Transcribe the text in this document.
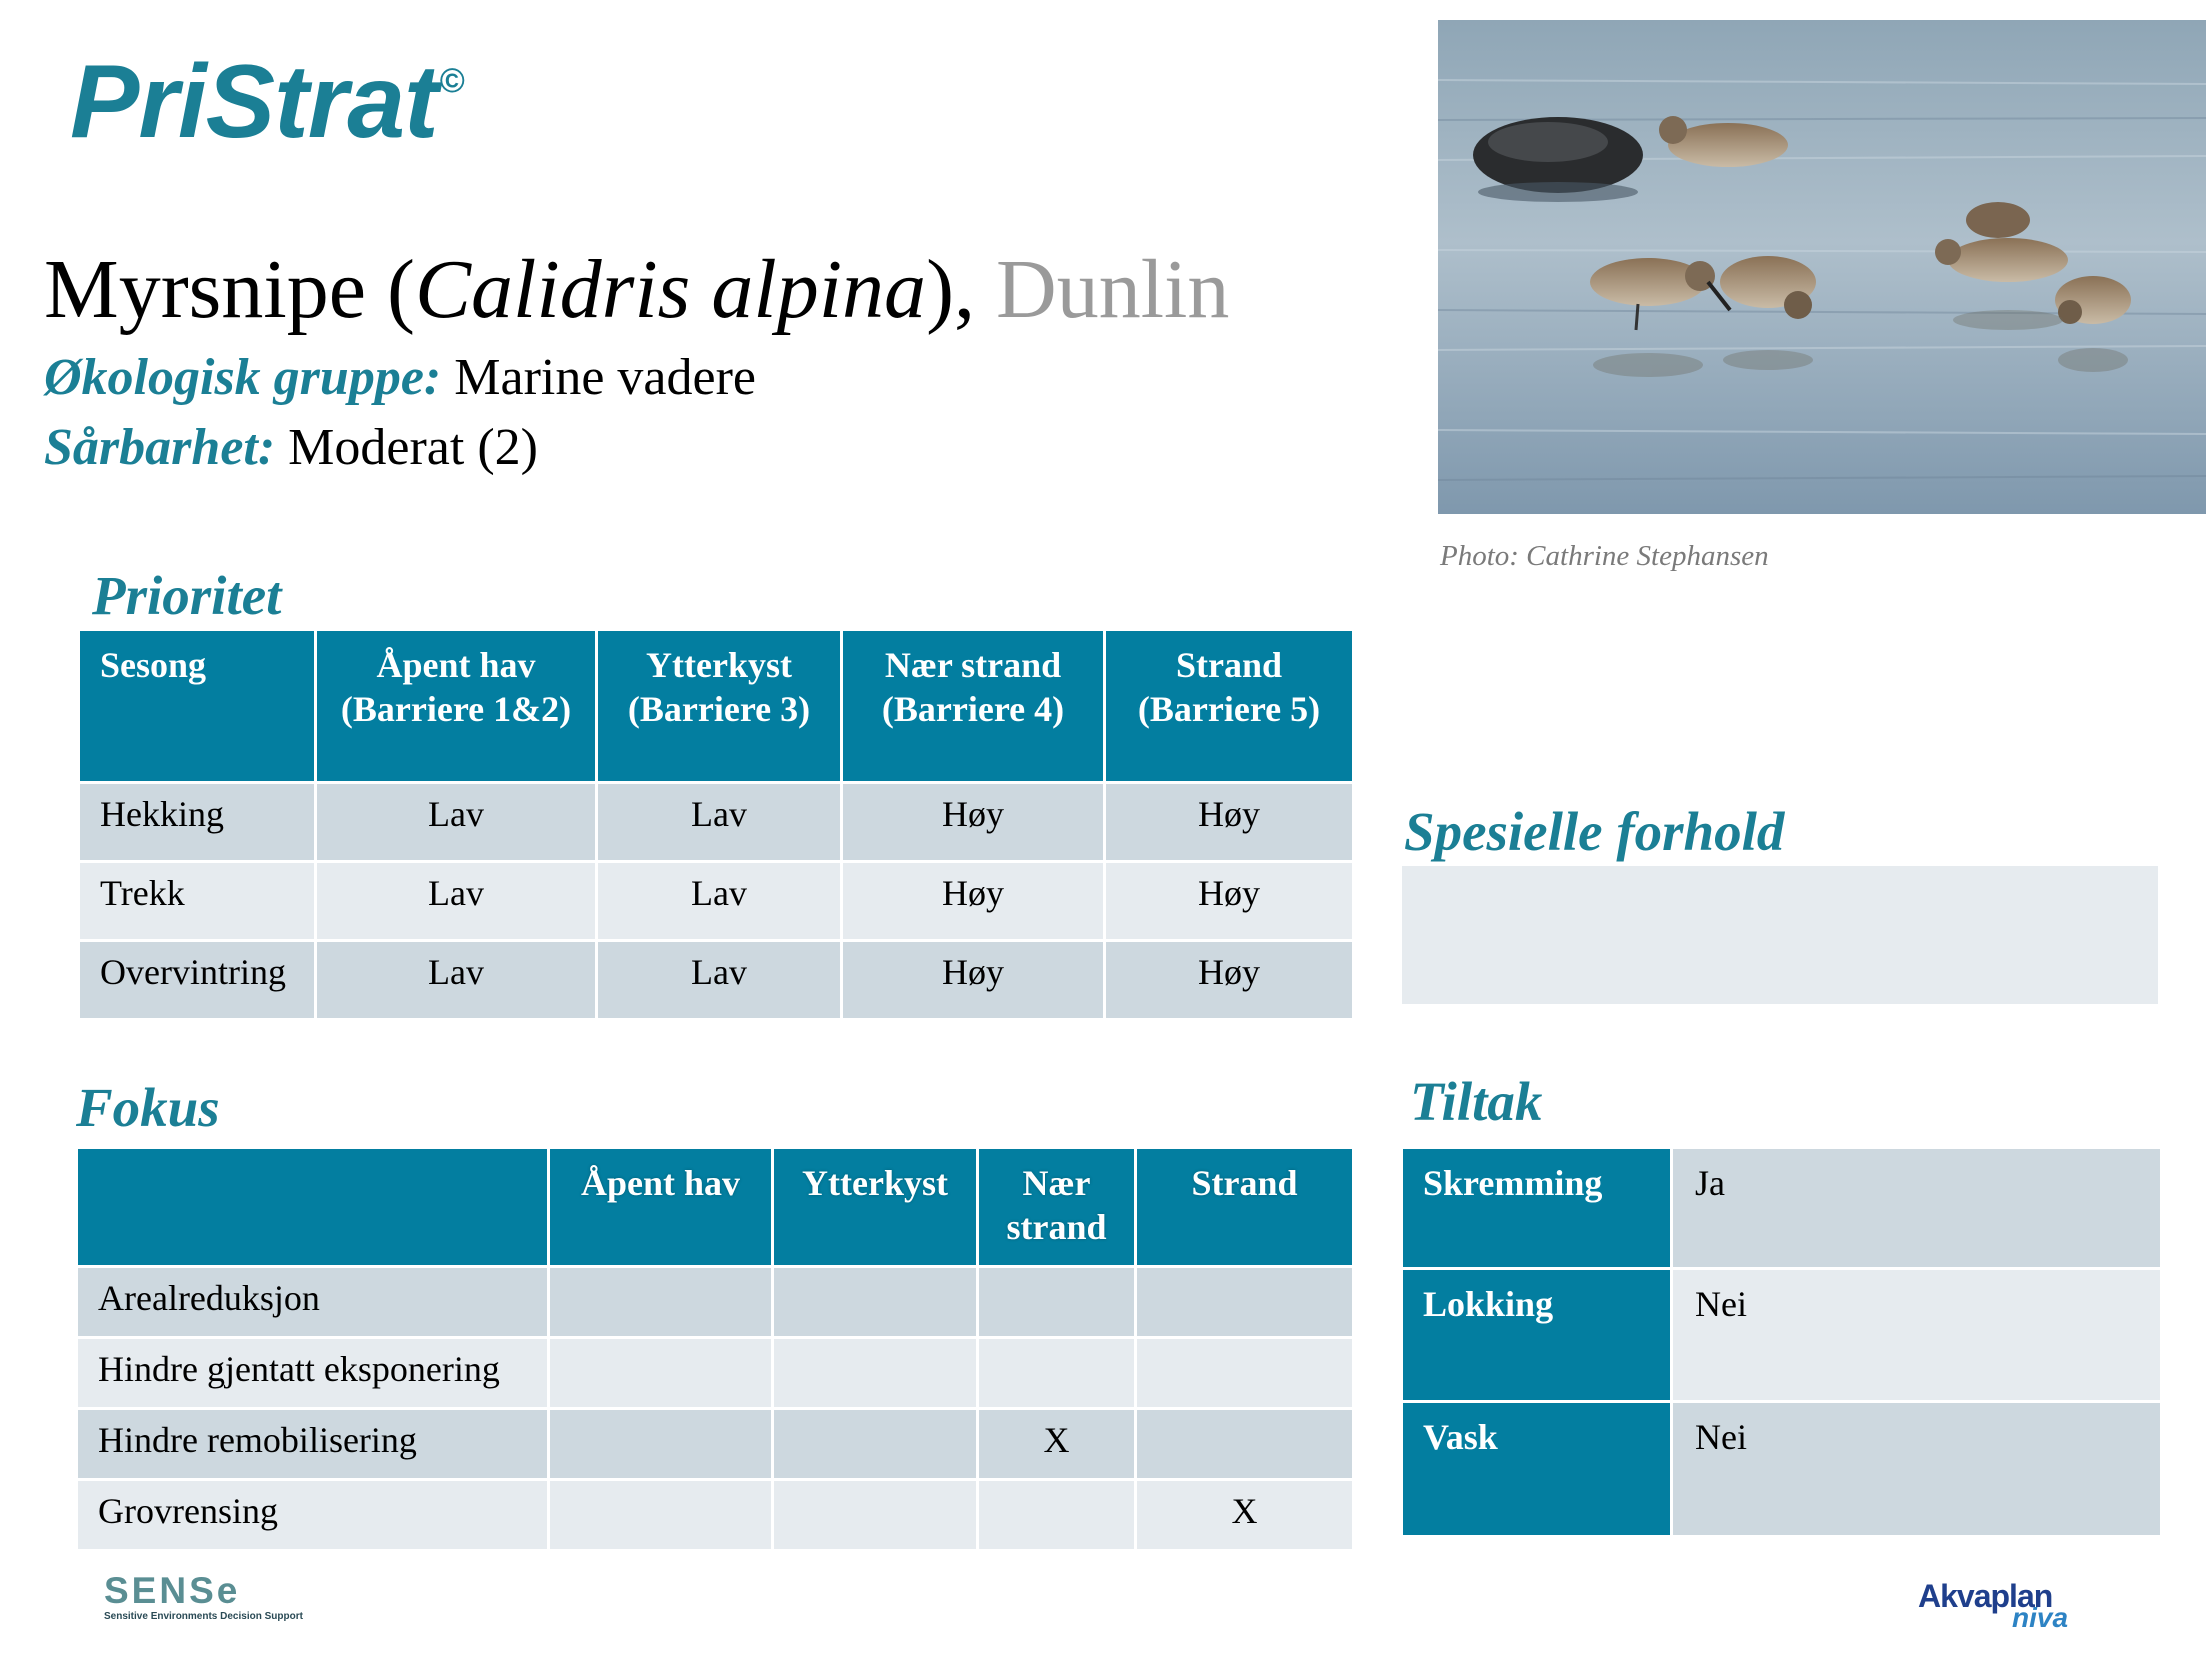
PriStrat©
Myrsnipe (Calidris alpina), Dunlin
Økologisk gruppe: Marine vadere
Sårbarhet: Moderat (2)
Photo: Cathrine Stephansen
Prioritet
Sesong	Åpent hav (Barriere 1&2)	Ytterkyst (Barriere 3)	Nær strand (Barriere 4)	Strand (Barriere 5)
Hekking	Lav	Lav	Høy	Høy
Trekk	Lav	Lav	Høy	Høy
Overvintring	Lav	Lav	Høy	Høy
Spesielle forhold
Fokus
	Åpent hav	Ytterkyst	Nær strand	Strand
Arealreduksjon				
Hindre gjentatt eksponering				
Hindre remobilisering			X	
Grovrensing				X
Tiltak
Skremming	Ja
Lokking	Nei
Vask	Nei
SENSe
Sensitive Environments Decision Support
Akvaplan
niva
